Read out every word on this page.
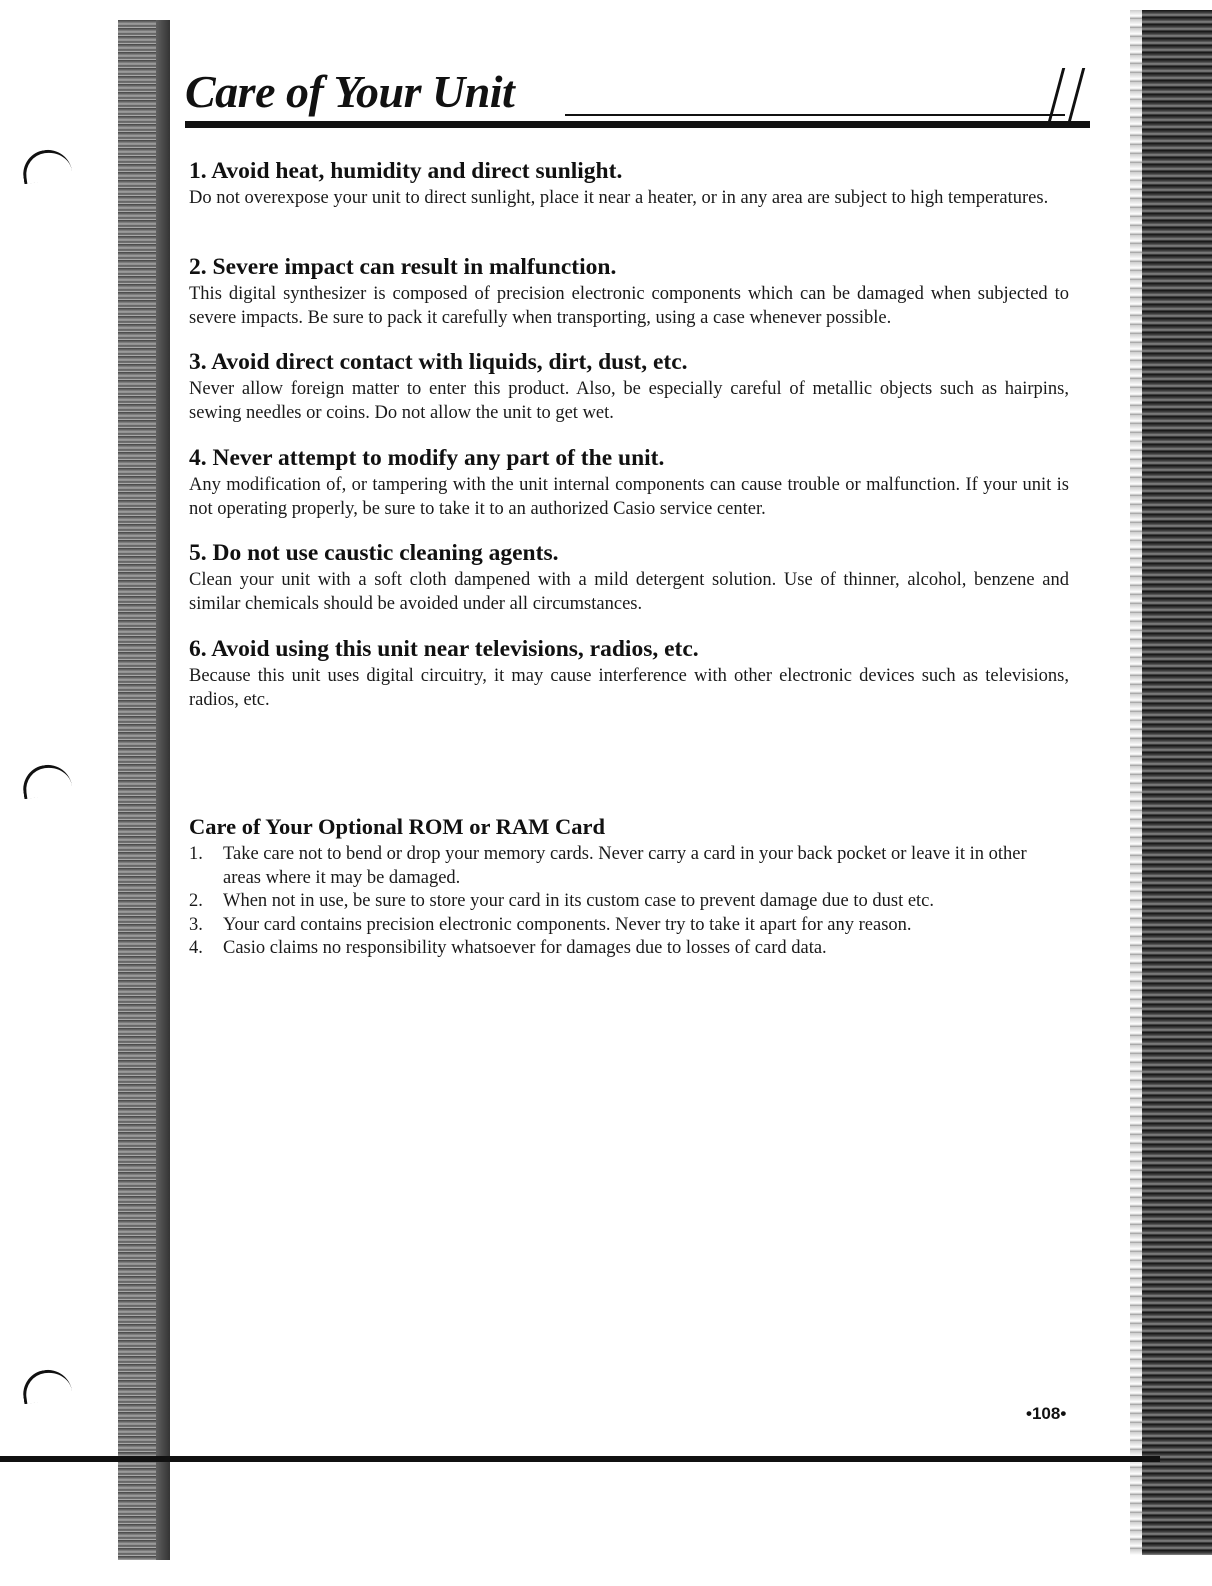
Care of Your Unit
1. Avoid heat, humidity and direct sunlight.

Do not overexpose your unit to direct sunlight, place it near a heater, or in any area are subject to high temperatures.

2. Severe impact can result in malfunction.

This digital synthesizer is composed of precision electronic components which can be damaged when subjected to severe impacts. Be sure to pack it carefully when transporting, using a case whenever possible.

3. Avoid direct contact with liquids, dirt, dust, etc.

Never allow foreign matter to enter this product. Also, be especially careful of metallic objects such as hairpins, sewing needles or coins. Do not allow the unit to get wet.

4. Never attempt to modify any part of the unit.

Any modification of, or tampering with the unit internal components can cause trouble or malfunction. If your unit is not operating properly, be sure to take it to an authorized Casio service center.

5. Do not use caustic cleaning agents.

Clean your unit with a soft cloth dampened with a mild detergent solution. Use of thinner, alcohol, benzene and similar chemicals should be avoided under all circumstances.

6. Avoid using this unit near televisions, radios, etc.

Because this unit uses digital circuitry, it may cause interference with other electronic devices such as televisions, radios, etc.

Care of Your Optional ROM or RAM Card
1. Take care not to bend or drop your memory cards. Never carry a card in your back pocket or leave it in other areas where it may be damaged.
2. When not in use, be sure to store your card in its custom case to prevent damage due to dust etc.
3. Your card contains precision electronic components. Never try to take it apart for any reason.
4. Casio claims no responsibility whatsoever for damages due to losses of card data.
•108•
